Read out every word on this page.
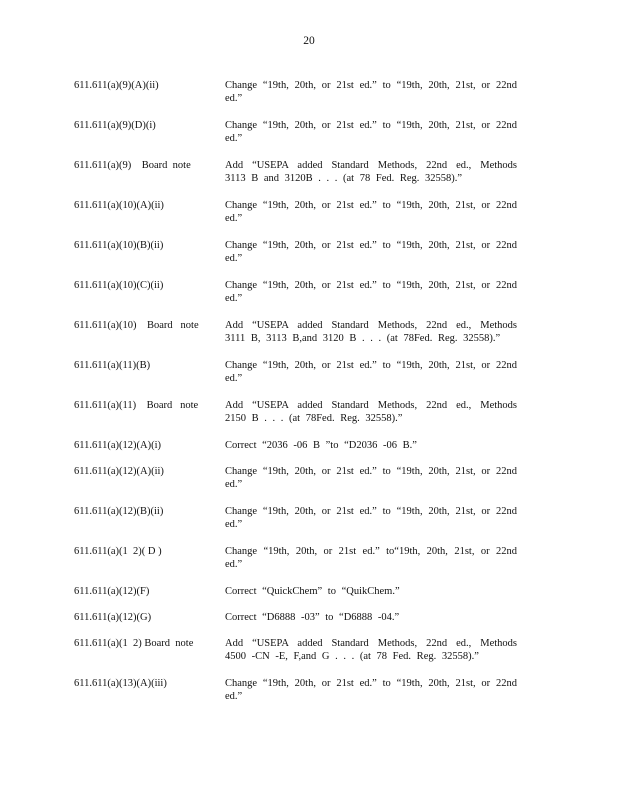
20
611.611(a)(9)(A)(ii)	Change “19th, 20th, or 21st ed.” to “19th, 20th, 21st, or 22nd ed.”
611.611(a)(9)(D)(i)	Change “19th, 20th, or 21st ed.” to “19th, 20th, 21st, or 22nd ed.”
611.611(a)(9)    Board  note	Add “USEPA added Standard Methods, 22nd ed., Methods 3113 B and 3120B . . . (at 78 Fed. Reg. 32558).”
611.611(a)(10)(A)(ii)	Change “19th, 20th, or 21st ed.” to “19th, 20th, 21st, or 22nd ed.”
611.611(a)(10)(B)(ii)	Change “19th, 20th, or 21st ed.” to “19th, 20th, 21st, or 22nd ed.”
611.611(a)(10)(C)(ii)	Change “19th, 20th, or 21st ed.” to “19th, 20th, 21st, or 22nd ed.”
611.611(a)(10)    Board   note	Add “USEPA added Standard Methods, 22nd ed., Methods 3111 B, 3113 B,and 3120 B . . . (at 78Fed. Reg. 32558).”
611.611(a)(11)(B)	Change “19th, 20th, or 21st ed.” to “19th, 20th, 21st, or 22nd ed.”
611.611(a)(11)    Board   note	Add “USEPA added Standard Methods, 22nd ed., Methods 2150 B . . . (at 78Fed. Reg. 32558).”
611.611(a)(12)(A)(i)	Correct “2036 -06 B ”to “D2036 -06 B.”
611.611(a)(12)(A)(ii)	Change “19th, 20th, or 21st ed.” to “19th, 20th, 21st, or 22nd ed.”
611.611(a)(12)(B)(ii)	Change “19th, 20th, or 21st ed.” to “19th, 20th, 21st, or 22nd ed.”
611.611(a)(1  2)( D )	Change “19th, 20th, or 21st ed.” to“19th, 20th, 21st, or 22nd ed.”
611.611(a)(12)(F)	Correct “QuickChem” to “QuikChem.”
611.611(a)(12)(G)	Correct “D6888 -03” to “D6888 -04.”
611.611(a)(1  2) Board  note	Add “USEPA added Standard Methods, 22nd ed., Methods 4500 -CN -E, F,and G . . . (at 78 Fed. Reg. 32558).”
611.611(a)(13)(A)(iii)	Change “19th, 20th, or 21st ed.” to “19th, 20th, 21st, or 22nd ed.”
